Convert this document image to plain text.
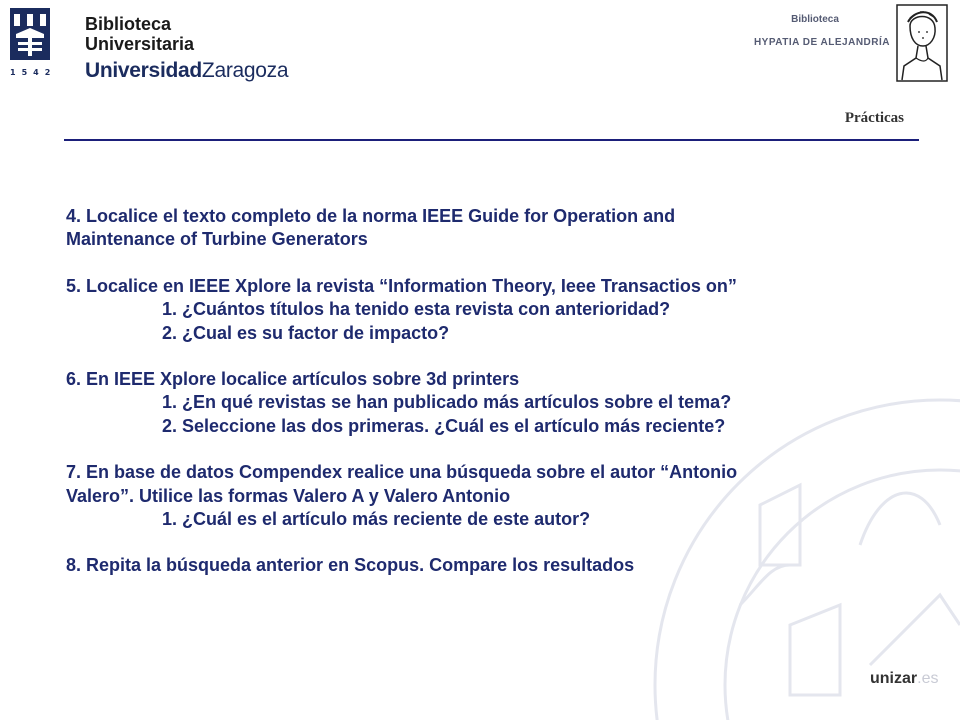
1542
Biblioteca
Universitaria
UniversidadZaragoza
Biblioteca
HYPATIA DE ALEJANDRÍA
Prácticas

4. Localice el texto completo de la norma IEEE Guide for Operation and

Maintenance of Turbine Generators

5. Localice en IEEE Xplore la revista “Information Theory, Ieee Transactios on”

1. ¿Cuántos títulos ha tenido esta revista con anterioridad?

2. ¿Cual es su factor de impacto?

6. En IEEE Xplore localice artículos sobre 3d printers

1. ¿En qué revistas se han publicado más artículos sobre el tema?

2. Seleccione las dos primeras. ¿Cuál es el artículo más reciente?

7. En base de datos Compendex realice una búsqueda sobre el autor “Antonio

Valero”. Utilice las formas Valero A y Valero Antonio

1. ¿Cuál es el artículo más reciente de este autor?

8. Repita la búsqueda anterior en Scopus. Compare los resultados

unizar.es
